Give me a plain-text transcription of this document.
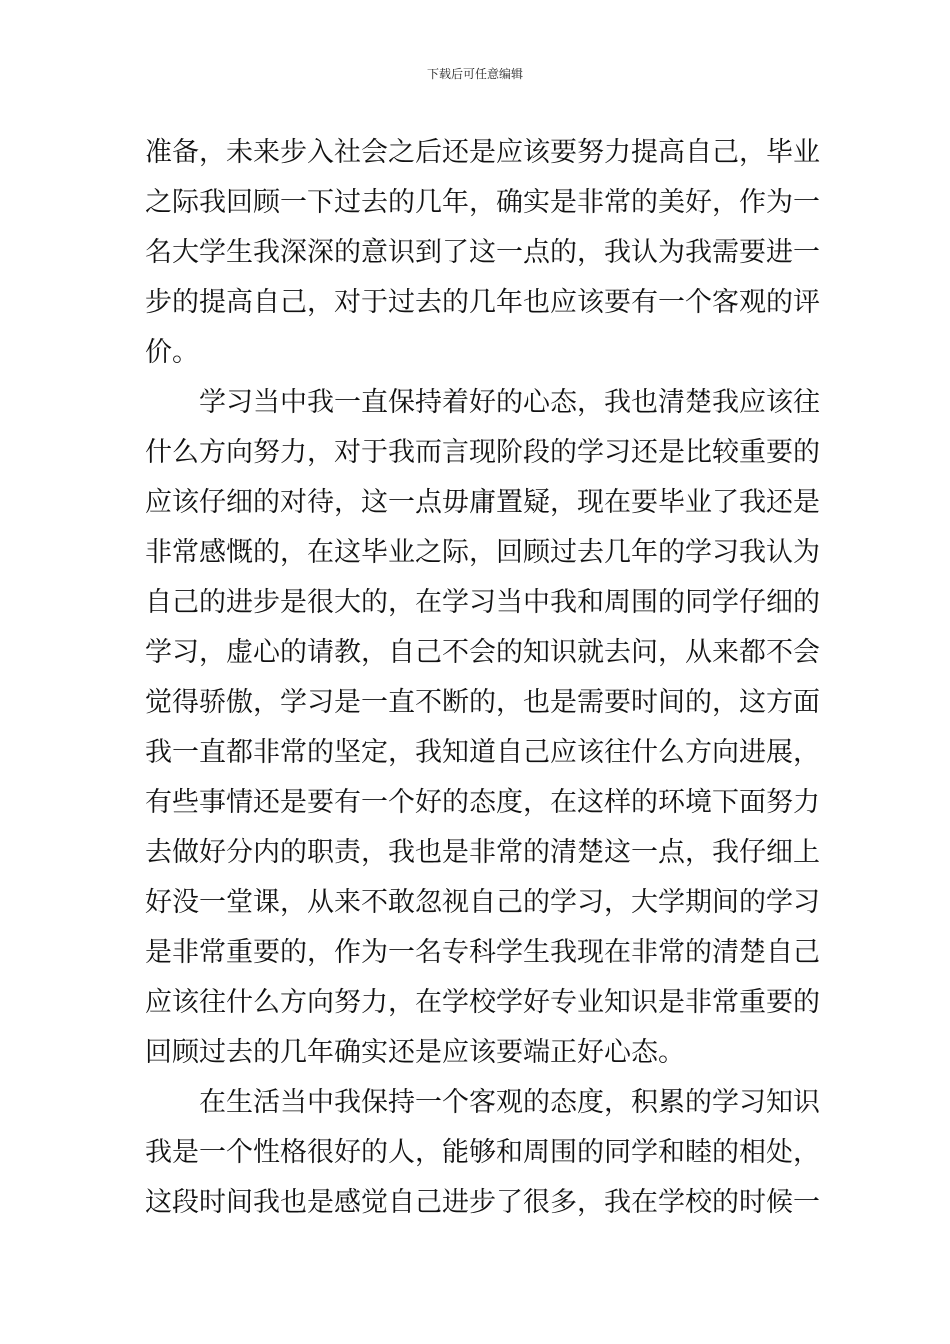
下载后可任意编辑
准备，未来步入社会之后还是应该要努力提高自己，毕业
之际我回顾一下过去的几年，确实是非常的美好，作为一
名大学生我深深的意识到了这一点的，我认为我需要进一
步的提高自己，对于过去的几年也应该要有一个客观的评
价。
学习当中我一直保持着好的心态，我也清楚我应该往
什么方向努力，对于我而言现阶段的学习还是比较重要的
应该仔细的对待，这一点毋庸置疑，现在要毕业了我还是
非常感慨的，在这毕业之际，回顾过去几年的学习我认为
自己的进步是很大的，在学习当中我和周围的同学仔细的
学习，虚心的请教，自己不会的知识就去问，从来都不会
觉得骄傲，学习是一直不断的，也是需要时间的，这方面
我一直都非常的坚定，我知道自己应该往什么方向进展，
有些事情还是要有一个好的态度，在这样的环境下面努力
去做好分内的职责，我也是非常的清楚这一点，我仔细上
好没一堂课，从来不敢忽视自己的学习，大学期间的学习
是非常重要的，作为一名专科学生我现在非常的清楚自己
应该往什么方向努力，在学校学好专业知识是非常重要的
回顾过去的几年确实还是应该要端正好心态。
在生活当中我保持一个客观的态度，积累的学习知识
我是一个性格很好的人，能够和周围的同学和睦的相处，
这段时间我也是感觉自己进步了很多，我在学校的时候一
